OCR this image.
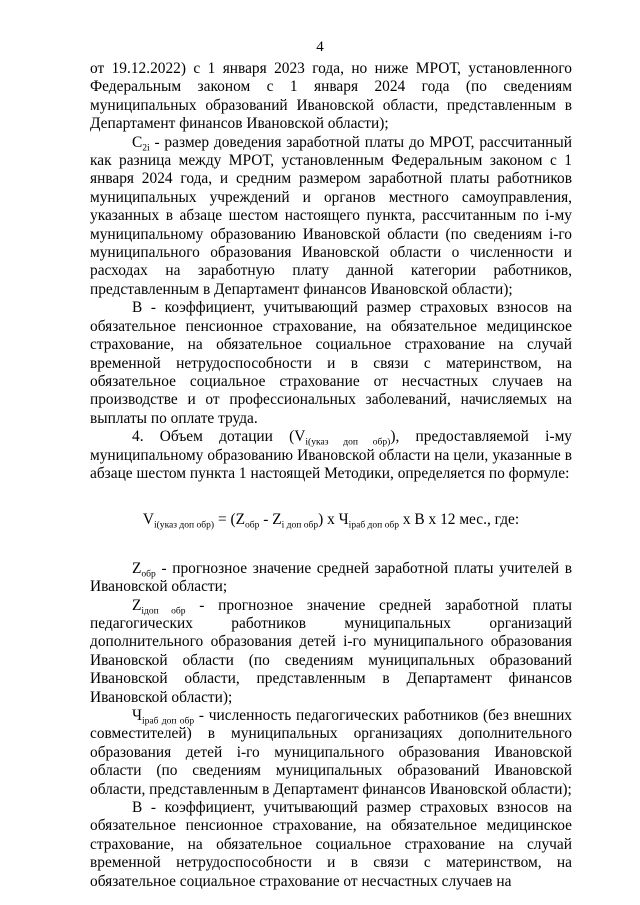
4

от 19.12.2022) с 1 января 2023 года, но ниже МРОТ, установленного Федеральным законом с 1 января 2024 года (по сведениям муниципальных образований Ивановской области, представленным в Департамент финансов Ивановской области);

$C_{2i}$ - размер доведения заработной платы до МРОТ, рассчитанный как разница между МРОТ, установленным Федеральным законом с 1 января 2024 года, и средним размером заработной платы работников муниципальных учреждений и органов местного самоуправления, указанных в абзаце шестом настоящего пункта, рассчитанным по i-му муниципальному образованию Ивановской области (по сведениям i-го муниципального образования Ивановской области о численности и расходах на заработную плату данной категории работников, представленным в Департамент финансов Ивановской области);

B - коэффициент, учитывающий размер страховых взносов на обязательное пенсионное страхование, на обязательное медицинское страхование, на обязательное социальное страхование на случай временной нетрудоспособности и в связи с материнством, на обязательное социальное страхование от несчастных случаев на производстве и от профессиональных заболеваний, начисляемых на выплаты по оплате труда.

4. Объем дотации $(V_{i(указ доп обр)})$, предоставляемой i-му муниципальному образованию Ивановской области на цели, указанные в абзаце шестом пункта 1 настоящей Методики, определяется по формуле:

$V_{i(указ доп обр)} = (Z_{обр} - Z_{i доп обр})$ x $Ч_{iраб доп обр}$ x B x 12 мес., где:

$Z_{обр}$ - прогнозное значение средней заработной платы учителей в Ивановской области;

$Z_{iдоп обр}$ - прогнозное значение средней заработной платы педагогических работников муниципальных организаций дополнительного образования детей i-го муниципального образования Ивановской области (по сведениям муниципальных образований Ивановской области, представленным в Департамент финансов Ивановской области);

$Ч_{iраб доп обр}$ - численность педагогических работников (без внешних совместителей) в муниципальных организациях дополнительного образования детей i-го муниципального образования Ивановской области (по сведениям муниципальных образований Ивановской области, представленным в Департамент финансов Ивановской области);

B - коэффициент, учитывающий размер страховых взносов на обязательное пенсионное страхование, на обязательное медицинское страхование, на обязательное социальное страхование на случай временной нетрудоспособности и в связи с материнством, на обязательное социальное страхование от несчастных случаев на
